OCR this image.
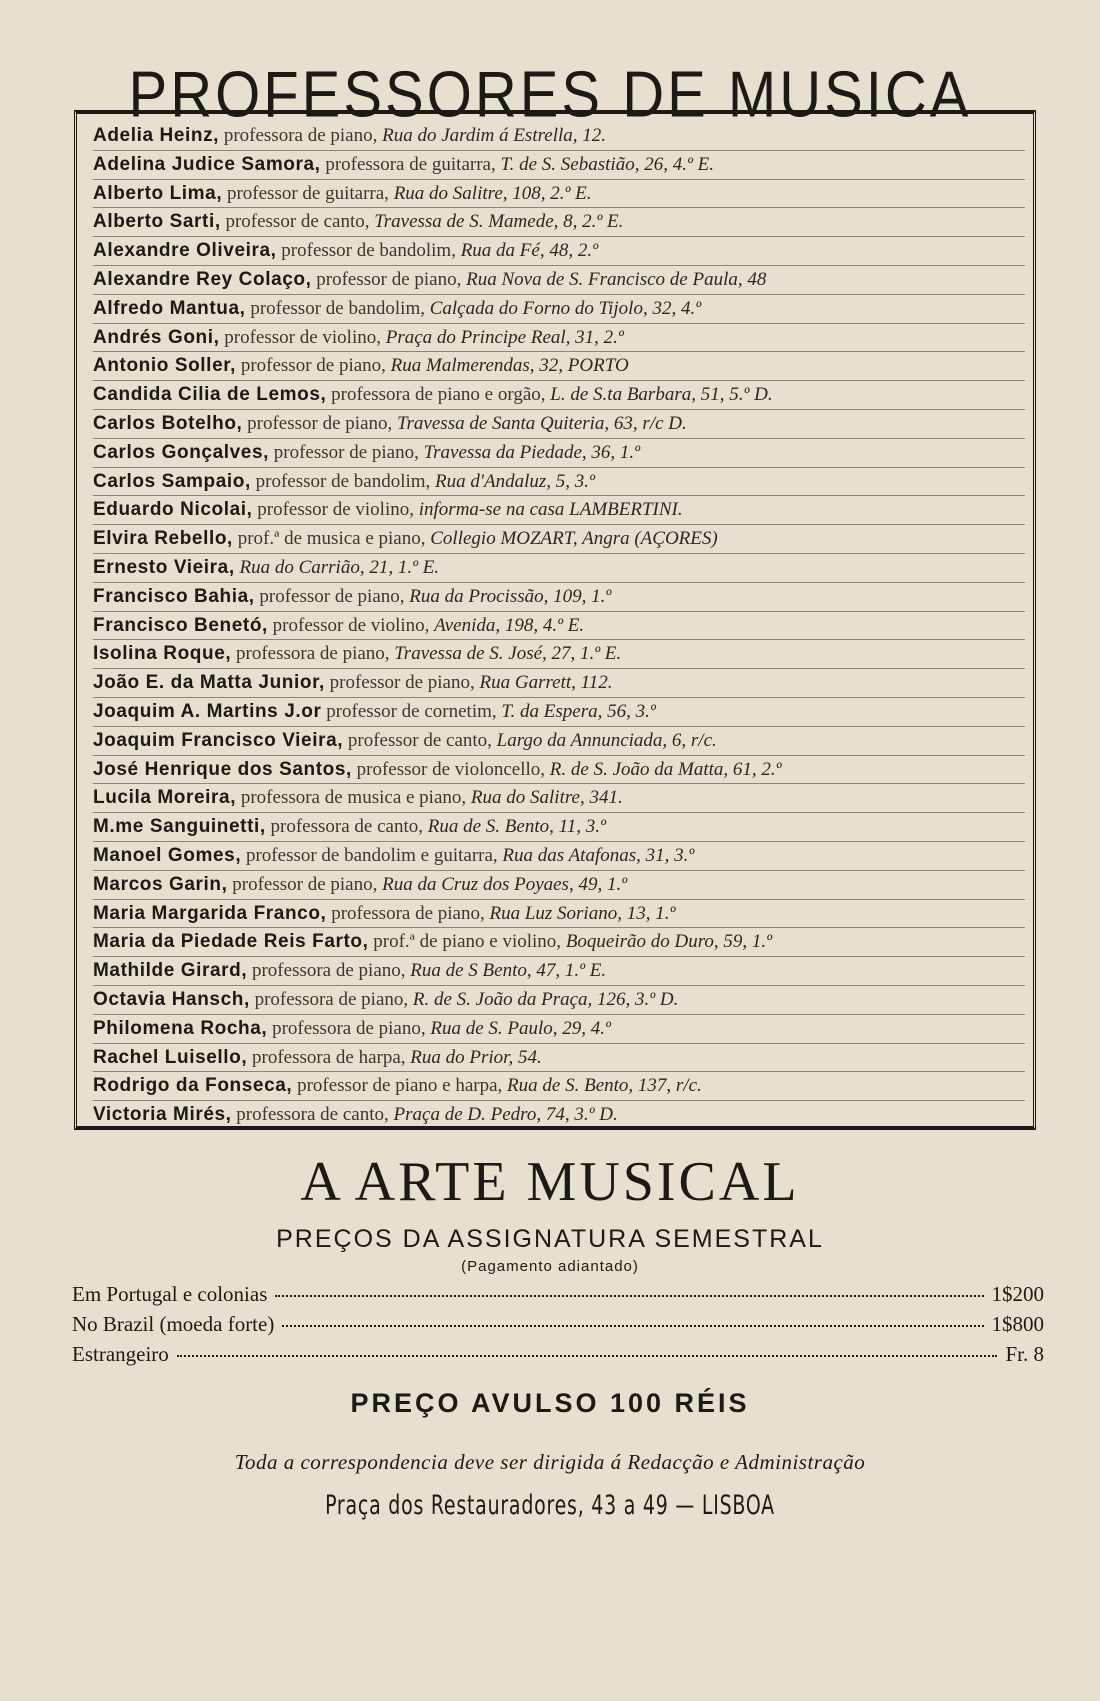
PROFESSORES DE MUSICA
Adelia Heinz, professora de piano, Rua do Jardim á Estrella, 12.
Adelina Judice Samora, professora de guitarra, T. de S. Sebastião, 26, 4.º E.
Alberto Lima, professor de guitarra, Rua do Salitre, 108, 2.º E.
Alberto Sarti, professor de canto, Travessa de S. Mamede, 8, 2.º E.
Alexandre Oliveira, professor de bandolim, Rua da Fé, 48, 2.º
Alexandre Rey Colaço, professor de piano, Rua Nova de S. Francisco de Paula, 48
Alfredo Mantua, professor de bandolim, Calçada do Forno do Tijolo, 32, 4.º
Andrés Goni, professor de violino, Praça do Principe Real, 31, 2.º
Antonio Soller, professor de piano, Rua Malmerendas, 32, PORTO
Candida Cilia de Lemos, professora de piano e orgão, L. de S.ta Barbara, 51, 5.º D.
Carlos Botelho, professor de piano, Travessa de Santa Quiteria, 63, r/c D.
Carlos Gonçalves, professor de piano, Travessa da Piedade, 36, 1.º
Carlos Sampaio, professor de bandolim, Rua d'Andaluz, 5, 3.º
Eduardo Nicolai, professor de violino, informa-se na casa LAMBERTINI.
Elvira Rebello, prof.ª de musica e piano, Collegio MOZART, Angra (AÇORES)
Ernesto Vieira, Rua do Carrião, 21, 1.º E.
Francisco Bahia, professor de piano, Rua da Procissão, 109, 1.º
Francisco Benetó, professor de violino, Avenida, 198, 4.º E.
Isolina Roque, professora de piano, Travessa de S. José, 27, 1.º E.
João E. da Matta Junior, professor de piano, Rua Garrett, 112.
Joaquim A. Martins J.or professor de cornetim, T. da Espera, 56, 3.º
Joaquim Francisco Vieira, professor de canto, Largo da Annunciada, 6, r/c.
José Henrique dos Santos, professor de violoncello, R. de S. João da Matta, 61, 2.º
Lucila Moreira, professora de musica e piano, Rua do Salitre, 341.
M.me Sanguinetti, professora de canto, Rua de S. Bento, 11, 3.º
Manoel Gomes, professor de bandolim e guitarra, Rua das Atafonas, 31, 3.º
Marcos Garin, professor de piano, Rua da Cruz dos Poyaes, 49, 1.º
Maria Margarida Franco, professora de piano, Rua Luz Soriano, 13, 1.º
Maria da Piedade Reis Farto, prof.ª de piano e violino, Boqueirão do Duro, 59, 1.º
Mathilde Girard, professora de piano, Rua de S Bento, 47, 1.º E.
Octavia Hansch, professora de piano, R. de S. João da Praça, 126, 3.º D.
Philomena Rocha, professora de piano, Rua de S. Paulo, 29, 4.º
Rachel Luisello, professora de harpa, Rua do Prior, 54.
Rodrigo da Fonseca, professor de piano e harpa, Rua de S. Bento, 137, r/c.
Victoria Mirés, professora de canto, Praça de D. Pedro, 74, 3.º D.
A ARTE MUSICAL
PREÇOS DA ASSIGNATURA SEMESTRAL
(Pagamento adiantado)
Em Portugal e colonias	1$200
No Brazil (moeda forte)	1$800
Estrangeiro	Fr. 8
PREÇO AVULSO 100 RÉIS
Toda a correspondencia deve ser dirigida á Redacção e Administração
Praça dos Restauradores, 43 a 49 — LISBOA
